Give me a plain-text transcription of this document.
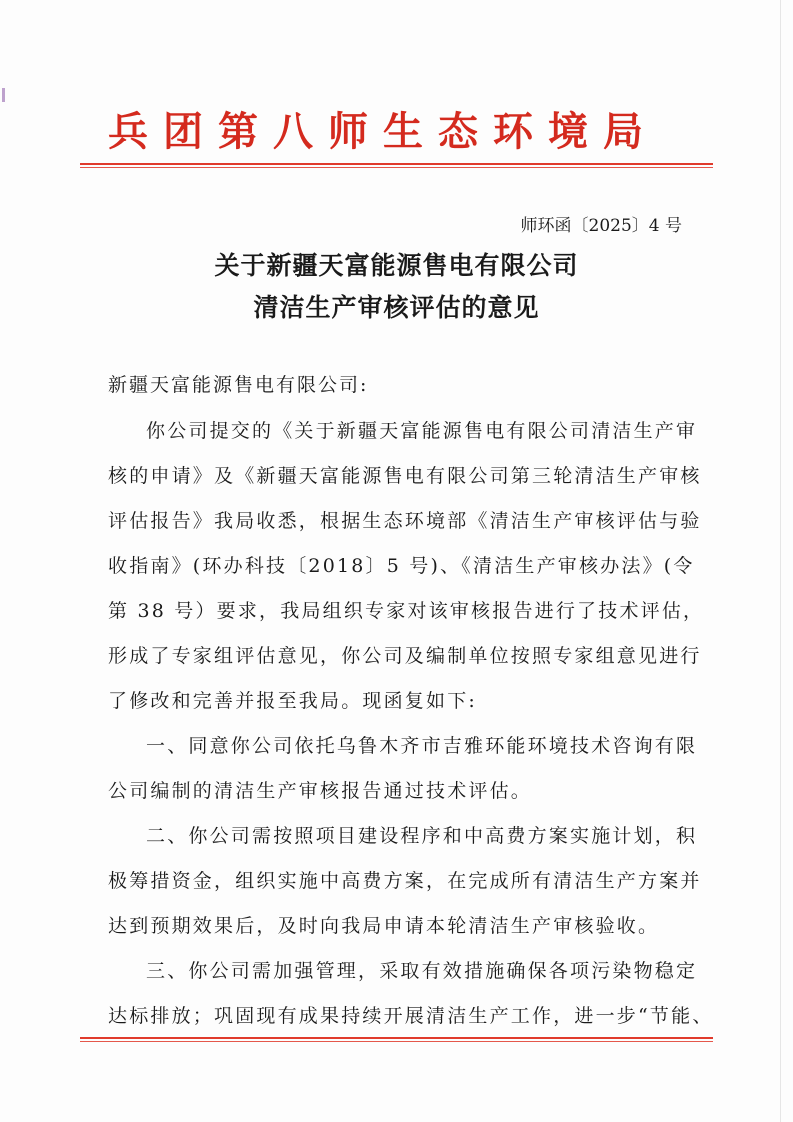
兵团第八师生态环境局
师环函〔2025〕4 号
关于新疆天富能源售电有限公司
清洁生产审核评估的意见
新疆天富能源售电有限公司:
你公司提交的《关于新疆天富能源售电有限公司清洁生产审
核的申请》及《新疆天富能源售电有限公司第三轮清洁生产审核
评估报告》我局收悉，根据生态环境部《清洁生产审核评估与验
收指南》(环办科技〔2018〕5 号)、《清洁生产审核办法》(令
第 38 号）要求，我局组织专家对该审核报告进行了技术评估，
形成了专家组评估意见，你公司及编制单位按照专家组意见进行
了修改和完善并报至我局。现函复如下:
一、同意你公司依托乌鲁木齐市吉雅环能环境技术咨询有限
公司编制的清洁生产审核报告通过技术评估。
二、你公司需按照项目建设程序和中高费方案实施计划，积
极筹措资金，组织实施中高费方案，在完成所有清洁生产方案并
达到预期效果后，及时向我局申请本轮清洁生产审核验收。
三、你公司需加强管理，采取有效措施确保各项污染物稳定
达标排放；巩固现有成果持续开展清洁生产工作，进一步“节能、
